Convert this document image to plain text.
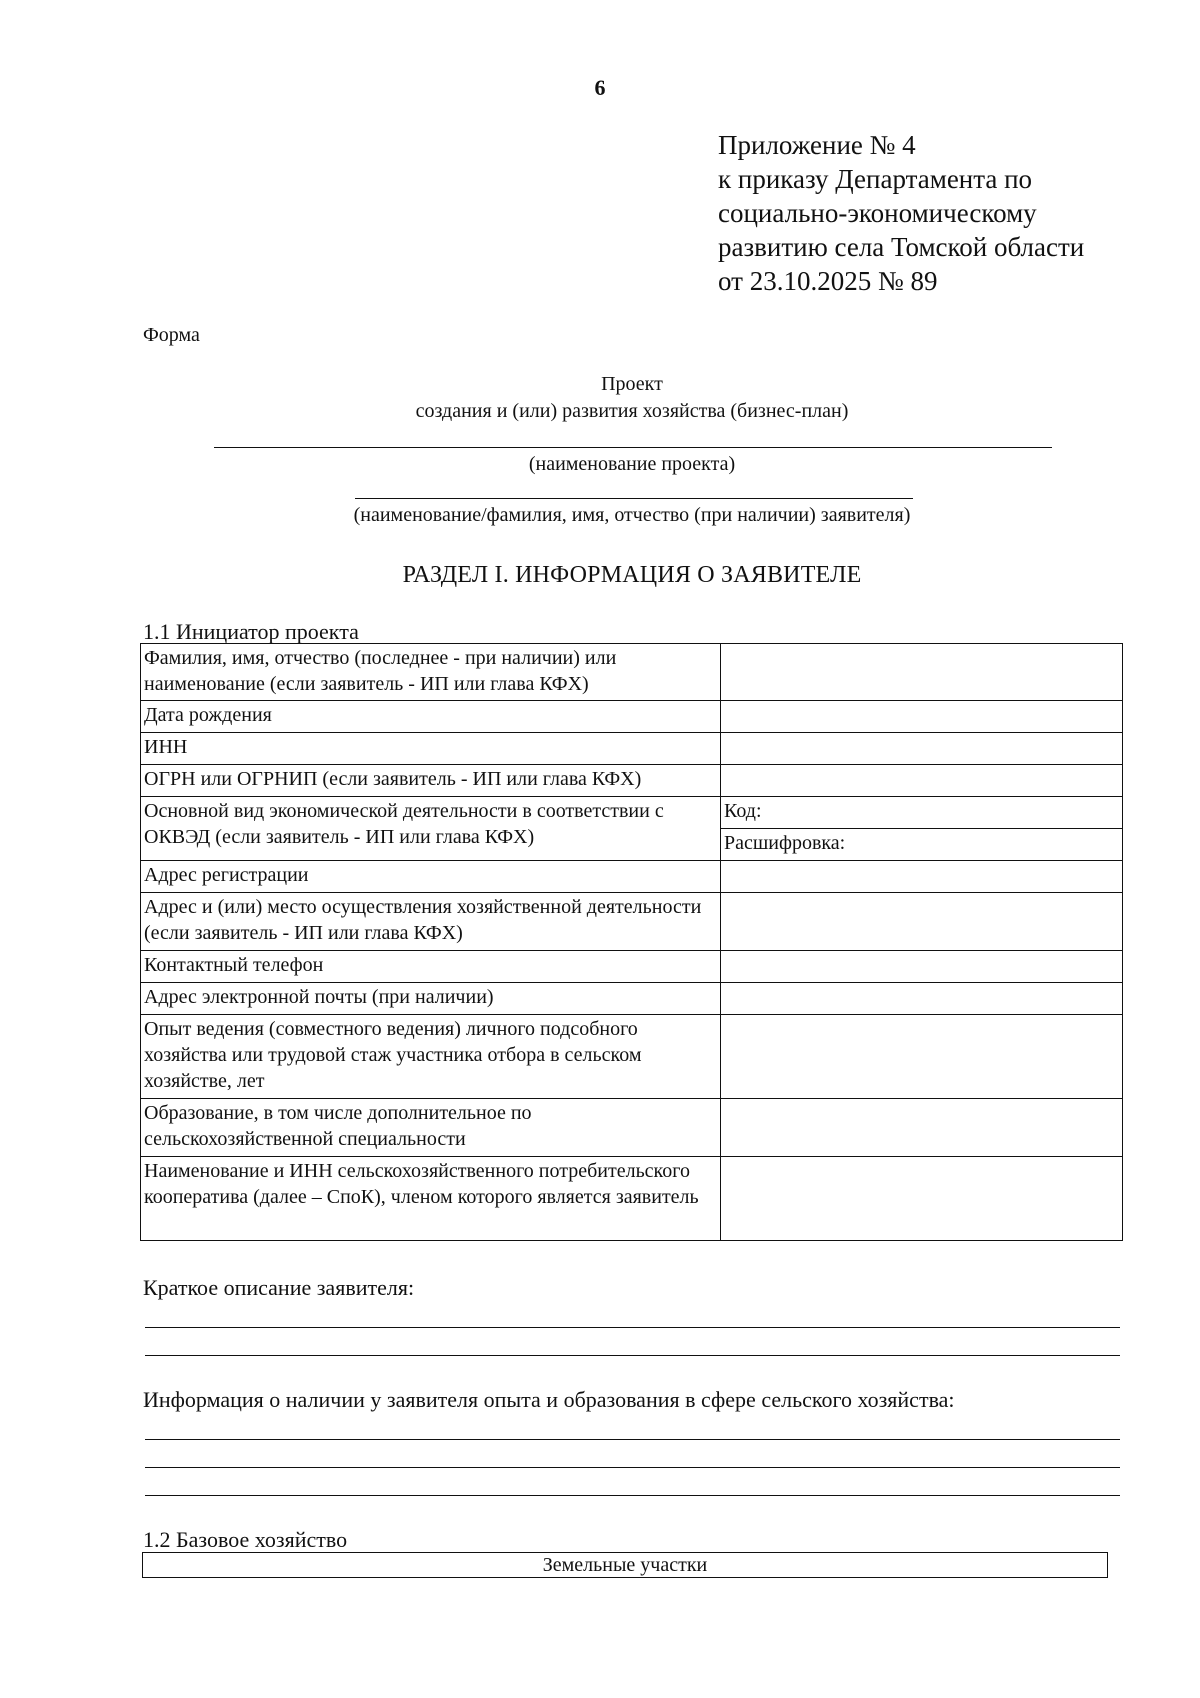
6
Приложение № 4
к приказу Департамента по
социально-экономическому
развитию села Томской области
от 23.10.2025 № 89
Форма
Проект
создания и (или) развития хозяйства (бизнес-план)
(наименование проекта)
(наименование/фамилия, имя, отчество (при наличии) заявителя)
РАЗДЕЛ I. ИНФОРМАЦИЯ О ЗАЯВИТЕЛЕ
1.1 Инициатор проекта
Фамилия, имя, отчество (последнее - при наличии) или наименование (если заявитель - ИП или глава КФХ)	
Дата рождения	
ИНН	
ОГРН или ОГРНИП (если заявитель - ИП или глава КФХ)	
Основной вид экономической деятельности в соответствии с ОКВЭД (если заявитель - ИП или глава КФХ)	Код:
	Расшифровка:
Адрес регистрации	
Адрес и (или) место осуществления хозяйственной деятельности (если заявитель - ИП или глава КФХ)	
Контактный телефон	
Адрес электронной почты (при наличии)	
Опыт ведения (совместного ведения) личного подсобного хозяйства или трудовой стаж участника отбора в сельском хозяйстве, лет	
Образование, в том числе дополнительное по сельскохозяйственной специальности	
Наименование и ИНН сельскохозяйственного потребительского кооператива (далее – СпоК), членом которого является заявитель	
Краткое описание заявителя:
Информация о наличии у заявителя опыта и образования в сфере сельского хозяйства:
1.2 Базовое хозяйство
Земельные участки
